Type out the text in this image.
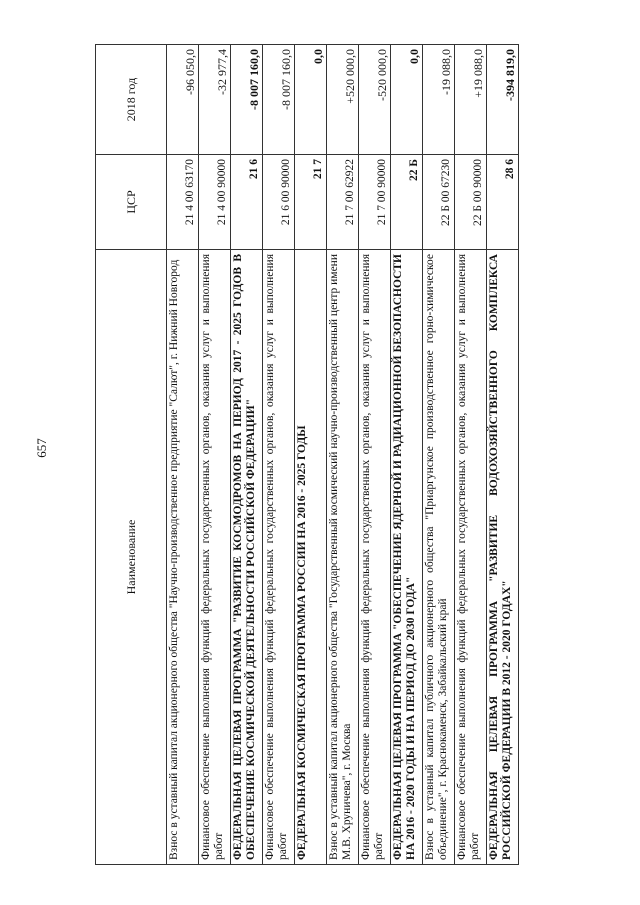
657
Наименование	ЦСР	2018 год
Взнос в уставный капитал акционерного общества "Научно-производственное предприятие "Салют", г. Нижний Новгород	21 4 00 63170	-96 050,0
Финансовое обеспечение выполнения функций федеральных государственных органов, оказания услуг и выполнения работ	21 4 00 90000	-32 977,4
ФЕДЕРАЛЬНАЯ ЦЕЛЕВАЯ ПРОГРАММА "РАЗВИТИЕ КОСМОДРОМОВ НА ПЕРИОД 2017 - 2025 ГОДОВ В ОБЕСПЕЧЕНИЕ КОСМИЧЕСКОЙ ДЕЯТЕЛЬНОСТИ РОССИЙСКОЙ ФЕДЕРАЦИИ"	21 6	-8 007 160,0
Финансовое обеспечение выполнения функций федеральных государственных органов, оказания услуг и выполнения работ	21 6 00 90000	-8 007 160,0
ФЕДЕРАЛЬНАЯ КОСМИЧЕСКАЯ ПРОГРАММА РОССИИ НА 2016 - 2025 ГОДЫ	21 7	0,0
Взнос в уставный капитал акционерного общества "Государственный космический научно-производственный центр имени М.В. Хруничева", г. Москва	21 7 00 62922	+520 000,0
Финансовое обеспечение выполнения функций федеральных государственных органов, оказания услуг и выполнения работ	21 7 00 90000	-520 000,0
ФЕДЕРАЛЬНАЯ ЦЕЛЕВАЯ ПРОГРАММА "ОБЕСПЕЧЕНИЕ ЯДЕРНОЙ И РАДИАЦИОННОЙ БЕЗОПАСНОСТИ НА 2016 - 2020 ГОДЫ И НА ПЕРИОД ДО 2030 ГОДА"	22 Б	0,0
Взнос в уставный капитал публичного акционерного общества "Приаргунское производственное горно-химическое объединение", г. Краснокаменск, Забайкальский край	22 Б 00 67230	-19 088,0
Финансовое обеспечение выполнения функций федеральных государственных органов, оказания услуг и выполнения работ	22 Б 00 90000	+19 088,0
ФЕДЕРАЛЬНАЯ ЦЕЛЕВАЯ ПРОГРАММА "РАЗВИТИЕ ВОДОХОЗЯЙСТВЕННОГО КОМПЛЕКСА РОССИЙСКОЙ ФЕДЕРАЦИИ В 2012 - 2020 ГОДАХ"	28 6	-394 819,0
